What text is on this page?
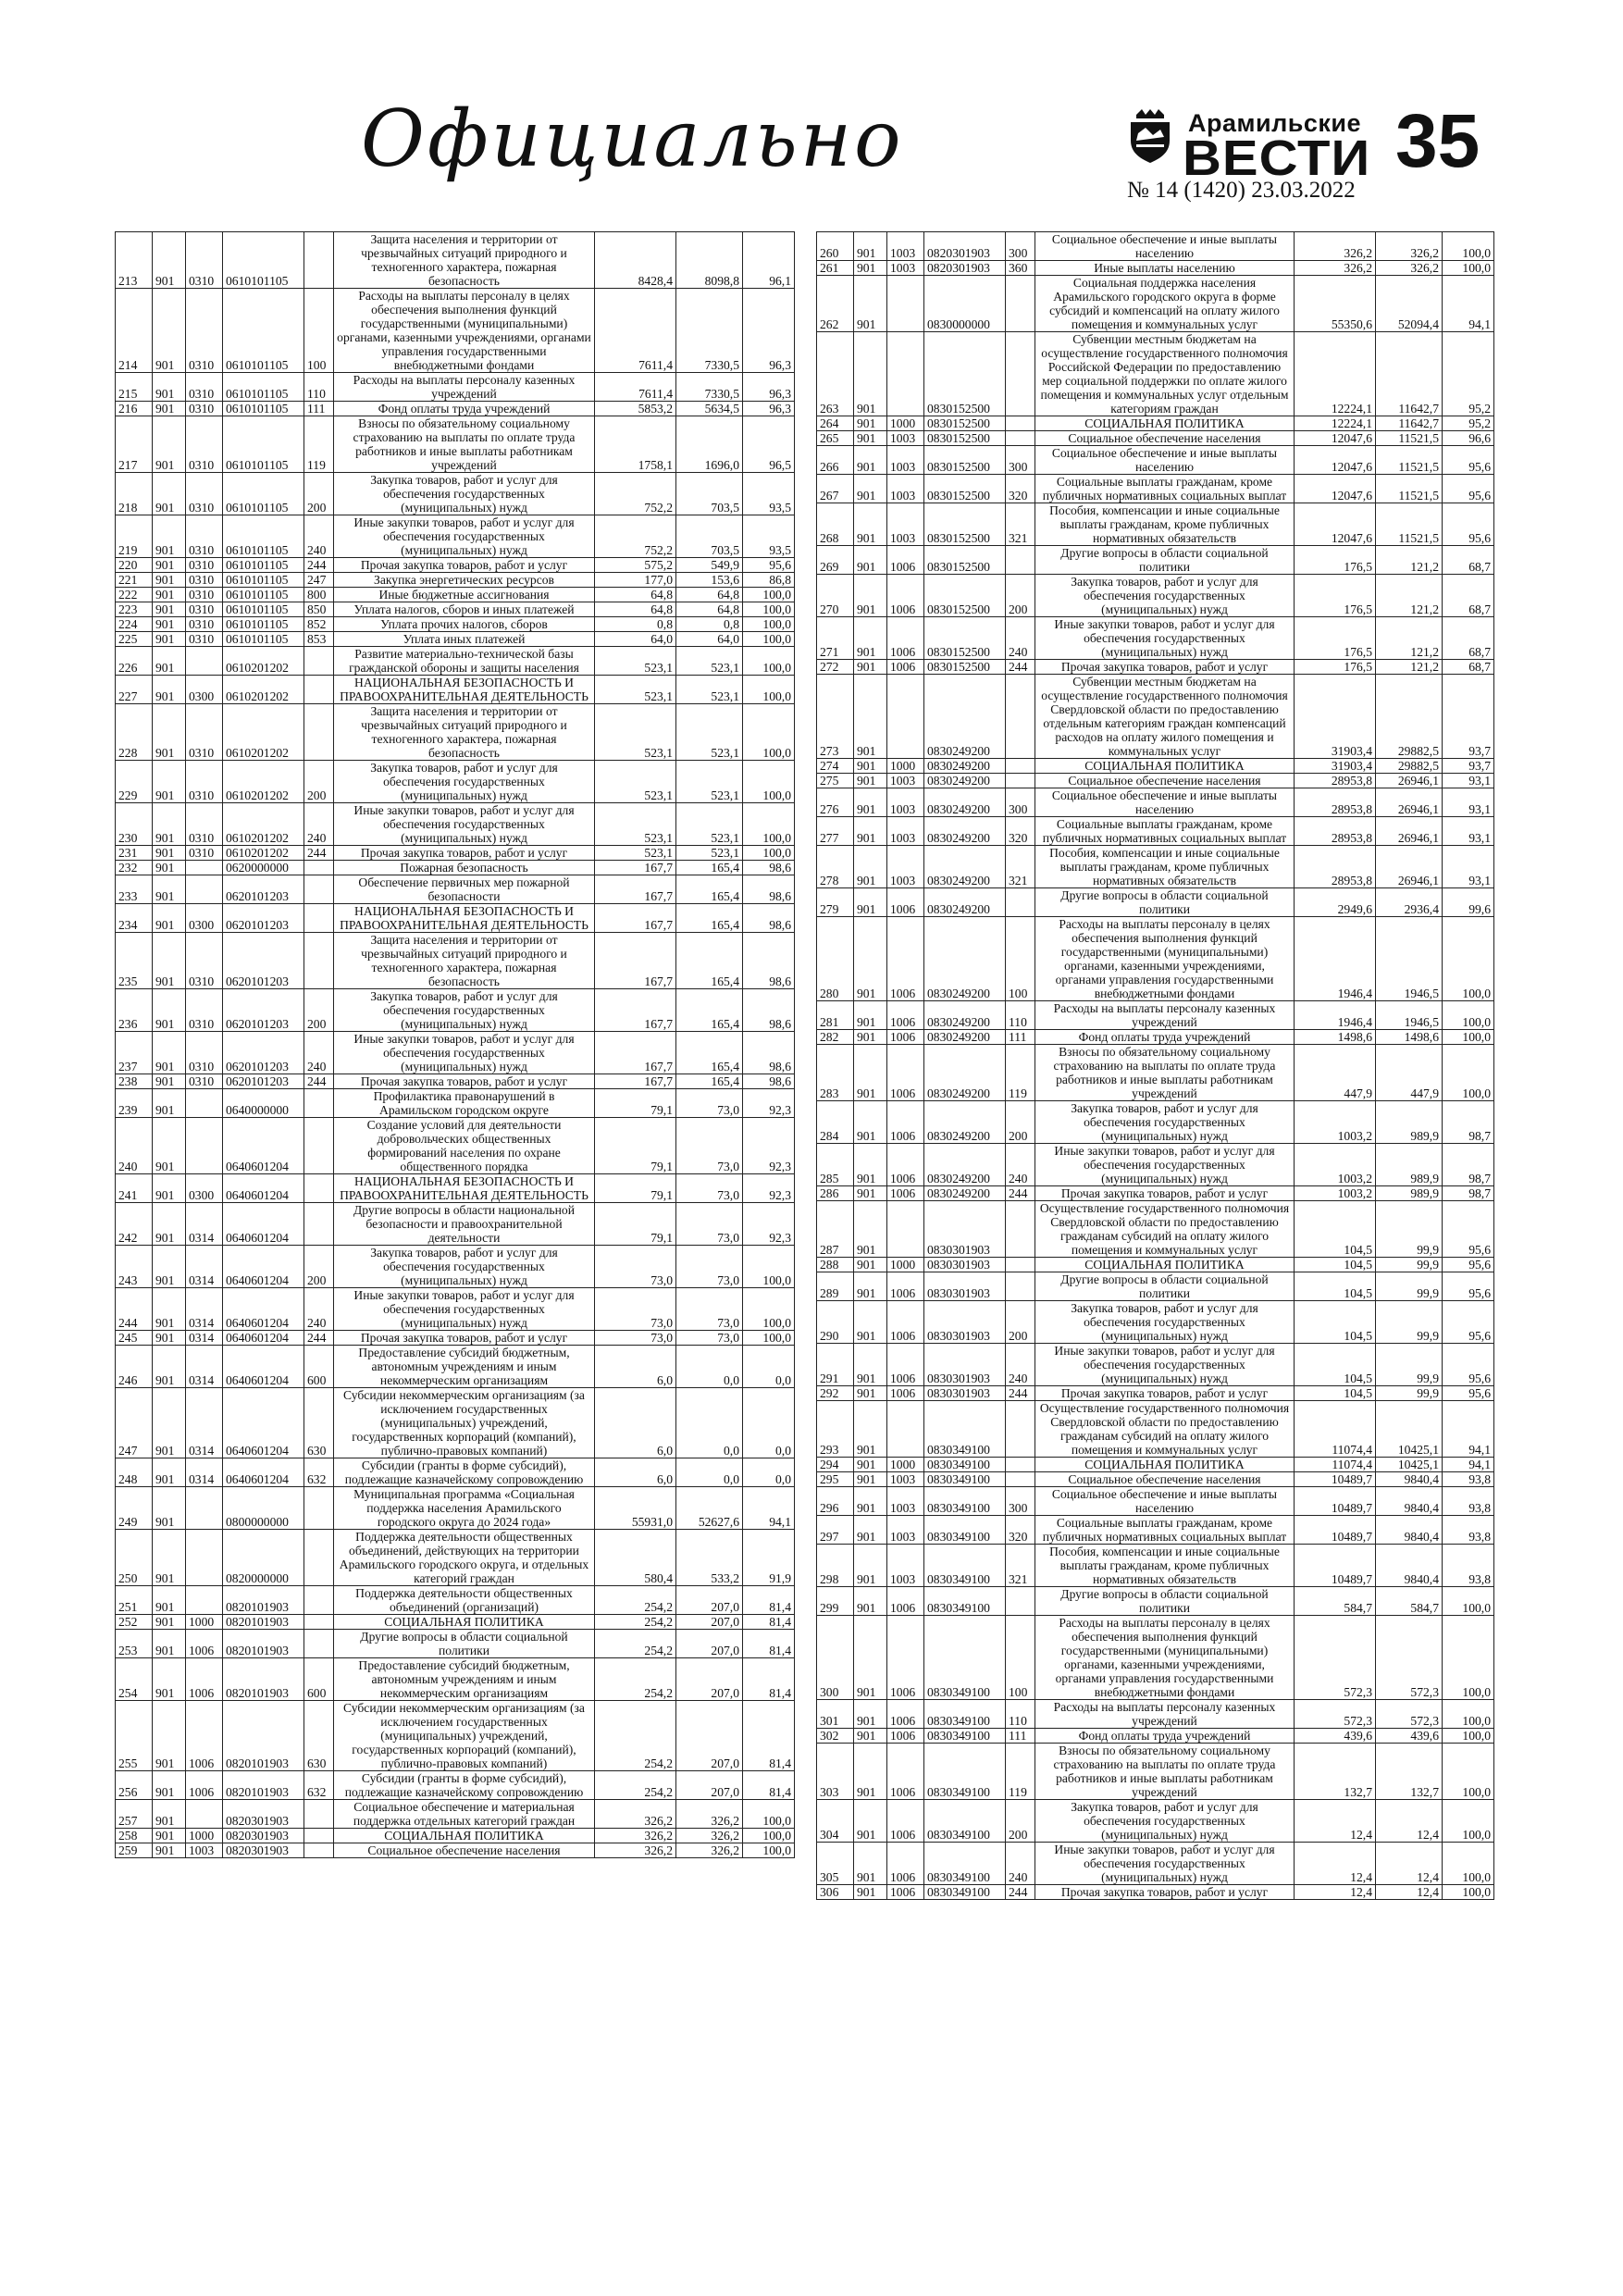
Официально	Арамильские
ВЕСТИ 35
№ 14 (1420) 23.03.2022
213	901	0310	0610101105		Защита населения и территории от чрезвычайных ситуаций природного и техногенного характера, пожарная безопасность	8428,4	8098,8	96,1
214	901	0310	0610101105	100	Расходы на выплаты персоналу в целях обеспечения выполнения функций государственными (муниципальными) органами, казенными учреждениями, органами управления государственными внебюджетными фондами	7611,4	7330,5	96,3
215	901	0310	0610101105	110	Расходы на выплаты персоналу казенных учреждений	7611,4	7330,5	96,3
216	901	0310	0610101105	111	Фонд оплаты труда учреждений	5853,2	5634,5	96,3
217	901	0310	0610101105	119	Взносы по обязательному социальному страхованию на выплаты по оплате труда работников и иные выплаты работникам учреждений	1758,1	1696,0	96,5
218	901	0310	0610101105	200	Закупка товаров, работ и услуг для обеспечения государственных (муниципальных) нужд	752,2	703,5	93,5
219	901	0310	0610101105	240	Иные закупки товаров, работ и услуг для обеспечения государственных (муниципальных) нужд	752,2	703,5	93,5
220	901	0310	0610101105	244	Прочая закупка товаров, работ и услуг	575,2	549,9	95,6
221	901	0310	0610101105	247	Закупка энергетических ресурсов	177,0	153,6	86,8
222	901	0310	0610101105	800	Иные бюджетные ассигнования	64,8	64,8	100,0
223	901	0310	0610101105	850	Уплата налогов, сборов и иных платежей	64,8	64,8	100,0
224	901	0310	0610101105	852	Уплата прочих налогов, сборов	0,8	0,8	100,0
225	901	0310	0610101105	853	Уплата иных платежей	64,0	64,0	100,0
226	901		0610201202		Развитие материально-технической базы гражданской обороны и защиты населения	523,1	523,1	100,0
227	901	0300	0610201202		НАЦИОНАЛЬНАЯ БЕЗОПАСНОСТЬ И ПРАВООХРАНИТЕЛЬНАЯ ДЕЯТЕЛЬНОСТЬ	523,1	523,1	100,0
228	901	0310	0610201202		Защита населения и территории от чрезвычайных ситуаций природного и техногенного характера, пожарная безопасность	523,1	523,1	100,0
229	901	0310	0610201202	200	Закупка товаров, работ и услуг для обеспечения государственных (муниципальных) нужд	523,1	523,1	100,0
230	901	0310	0610201202	240	Иные закупки товаров, работ и услуг для обеспечения государственных (муниципальных) нужд	523,1	523,1	100,0
231	901	0310	0610201202	244	Прочая закупка товаров, работ и услуг	523,1	523,1	100,0
232	901		0620000000		Пожарная безопасность	167,7	165,4	98,6
233	901		0620101203		Обеспечение первичных мер пожарной безопасности	167,7	165,4	98,6
234	901	0300	0620101203		НАЦИОНАЛЬНАЯ БЕЗОПАСНОСТЬ И ПРАВООХРАНИТЕЛЬНАЯ ДЕЯТЕЛЬНОСТЬ	167,7	165,4	98,6
235	901	0310	0620101203		Защита населения и территории от чрезвычайных ситуаций природного и техногенного характера, пожарная безопасность	167,7	165,4	98,6
236	901	0310	0620101203	200	Закупка товаров, работ и услуг для обеспечения государственных (муниципальных) нужд	167,7	165,4	98,6
237	901	0310	0620101203	240	Иные закупки товаров, работ и услуг для обеспечения государственных (муниципальных) нужд	167,7	165,4	98,6
238	901	0310	0620101203	244	Прочая закупка товаров, работ и услуг	167,7	165,4	98,6
239	901		0640000000		Профилактика правонарушений в Арамильском городском округе	79,1	73,0	92,3
240	901		0640601204		Создание условий для деятельности добровольческих общественных формирований населения по охране общественного порядка	79,1	73,0	92,3
241	901	0300	0640601204		НАЦИОНАЛЬНАЯ БЕЗОПАСНОСТЬ И ПРАВООХРАНИТЕЛЬНАЯ ДЕЯТЕЛЬНОСТЬ	79,1	73,0	92,3
242	901	0314	0640601204		Другие вопросы в области национальной безопасности и правоохранительной деятельности	79,1	73,0	92,3
243	901	0314	0640601204	200	Закупка товаров, работ и услуг для обеспечения государственных (муниципальных) нужд	73,0	73,0	100,0
244	901	0314	0640601204	240	Иные закупки товаров, работ и услуг для обеспечения государственных (муниципальных) нужд	73,0	73,0	100,0
245	901	0314	0640601204	244	Прочая закупка товаров, работ и услуг	73,0	73,0	100,0
246	901	0314	0640601204	600	Предоставление субсидий бюджетным, автономным учреждениям и иным некоммерческим организациям	6,0	0,0	0,0
247	901	0314	0640601204	630	Субсидии некоммерческим организациям (за исключением государственных (муниципальных) учреждений, государственных корпораций (компаний), публично-правовых компаний)	6,0	0,0	0,0
248	901	0314	0640601204	632	Субсидии (гранты в форме субсидий), подлежащие казначейскому сопровождению	6,0	0,0	0,0
249	901		0800000000		Муниципальная программа «Социальная поддержка населения Арамильского городского округа до 2024 года»	55931,0	52627,6	94,1
250	901		0820000000		Поддержка деятельности общественных объединений, действующих на территории Арамильского городского округа, и отдельных категорий граждан	580,4	533,2	91,9
251	901		0820101903		Поддержка деятельности общественных объединений (организаций)	254,2	207,0	81,4
252	901	1000	0820101903		СОЦИАЛЬНАЯ ПОЛИТИКА	254,2	207,0	81,4
253	901	1006	0820101903		Другие вопросы в области социальной политики	254,2	207,0	81,4
254	901	1006	0820101903	600	Предоставление субсидий бюджетным, автономным учреждениям и иным некоммерческим организациям	254,2	207,0	81,4
255	901	1006	0820101903	630	Субсидии некоммерческим организациям (за исключением государственных (муниципальных) учреждений, государственных корпораций (компаний), публично-правовых компаний)	254,2	207,0	81,4
256	901	1006	0820101903	632	Субсидии (гранты в форме субсидий), подлежащие казначейскому сопровождению	254,2	207,0	81,4
257	901		0820301903		Социальное обеспечение и материальная поддержка отдельных категорий граждан	326,2	326,2	100,0
258	901	1000	0820301903		СОЦИАЛЬНАЯ ПОЛИТИКА	326,2	326,2	100,0
259	901	1003	0820301903		Социальное обеспечение населения	326,2	326,2	100,0
260	901	1003	0820301903	300	Социальное обеспечение и иные выплаты населению	326,2	326,2	100,0
261	901	1003	0820301903	360	Иные выплаты населению	326,2	326,2	100,0
262	901		0830000000		Социальная поддержка населения Арамильского городского округа в форме субсидий и компенсаций на оплату жилого помещения и коммунальных услуг	55350,6	52094,4	94,1
263	901		0830152500		Субвенции местным бюджетам на осуществление государственного полномочия Российской Федерации по предоставлению мер социальной поддержки по оплате жилого помещения и коммунальных услуг отдельным категориям граждан	12224,1	11642,7	95,2
264	901	1000	0830152500		СОЦИАЛЬНАЯ ПОЛИТИКА	12224,1	11642,7	95,2
265	901	1003	0830152500		Социальное обеспечение населения	12047,6	11521,5	96,6
266	901	1003	0830152500	300	Социальное обеспечение и иные выплаты населению	12047,6	11521,5	95,6
267	901	1003	0830152500	320	Социальные выплаты гражданам, кроме публичных нормативных социальных выплат	12047,6	11521,5	95,6
268	901	1003	0830152500	321	Пособия, компенсации и иные социальные выплаты гражданам, кроме публичных нормативных обязательств	12047,6	11521,5	95,6
269	901	1006	0830152500		Другие вопросы в области социальной политики	176,5	121,2	68,7
270	901	1006	0830152500	200	Закупка товаров, работ и услуг для обеспечения государственных (муниципальных) нужд	176,5	121,2	68,7
271	901	1006	0830152500	240	Иные закупки товаров, работ и услуг для обеспечения государственных (муниципальных) нужд	176,5	121,2	68,7
272	901	1006	0830152500	244	Прочая закупка товаров, работ и услуг	176,5	121,2	68,7
273	901		0830249200		Субвенции местным бюджетам на осуществление государственного полномочия Свердловской области по предоставлению отдельным категориям граждан компенсаций расходов на оплату жилого помещения и коммунальных услуг	31903,4	29882,5	93,7
274	901	1000	0830249200		СОЦИАЛЬНАЯ ПОЛИТИКА	31903,4	29882,5	93,7
275	901	1003	0830249200		Социальное обеспечение населения	28953,8	26946,1	93,1
276	901	1003	0830249200	300	Социальное обеспечение и иные выплаты населению	28953,8	26946,1	93,1
277	901	1003	0830249200	320	Социальные выплаты гражданам, кроме публичных нормативных социальных выплат	28953,8	26946,1	93,1
278	901	1003	0830249200	321	Пособия, компенсации и иные социальные выплаты гражданам, кроме публичных нормативных обязательств	28953,8	26946,1	93,1
279	901	1006	0830249200		Другие вопросы в области социальной политики	2949,6	2936,4	99,6
280	901	1006	0830249200	100	Расходы на выплаты персоналу в целях обеспечения выполнения функций государственными (муниципальными) органами, казенными учреждениями, органами управления государственными внебюджетными фондами	1946,4	1946,5	100,0
281	901	1006	0830249200	110	Расходы на выплаты персоналу казенных учреждений	1946,4	1946,5	100,0
282	901	1006	0830249200	111	Фонд оплаты труда учреждений	1498,6	1498,6	100,0
283	901	1006	0830249200	119	Взносы по обязательному социальному страхованию на выплаты по оплате труда работников и иные выплаты работникам учреждений	447,9	447,9	100,0
284	901	1006	0830249200	200	Закупка товаров, работ и услуг для обеспечения государственных (муниципальных) нужд	1003,2	989,9	98,7
285	901	1006	0830249200	240	Иные закупки товаров, работ и услуг для обеспечения государственных (муниципальных) нужд	1003,2	989,9	98,7
286	901	1006	0830249200	244	Прочая закупка товаров, работ и услуг	1003,2	989,9	98,7
287	901		0830301903		Осуществление государственного полномочия Свердловской области по предоставлению гражданам субсидий на оплату жилого помещения и коммунальных услуг	104,5	99,9	95,6
288	901	1000	0830301903		СОЦИАЛЬНАЯ ПОЛИТИКА	104,5	99,9	95,6
289	901	1006	0830301903		Другие вопросы в области социальной политики	104,5	99,9	95,6
290	901	1006	0830301903	200	Закупка товаров, работ и услуг для обеспечения государственных (муниципальных) нужд	104,5	99,9	95,6
291	901	1006	0830301903	240	Иные закупки товаров, работ и услуг для обеспечения государственных (муниципальных) нужд	104,5	99,9	95,6
292	901	1006	0830301903	244	Прочая закупка товаров, работ и услуг	104,5	99,9	95,6
293	901		0830349100		Осуществление государственного полномочия Свердловской области по предоставлению гражданам субсидий на оплату жилого помещения и коммунальных услуг	11074,4	10425,1	94,1
294	901	1000	0830349100		СОЦИАЛЬНАЯ ПОЛИТИКА	11074,4	10425,1	94,1
295	901	1003	0830349100		Социальное обеспечение населения	10489,7	9840,4	93,8
296	901	1003	0830349100	300	Социальное обеспечение и иные выплаты населению	10489,7	9840,4	93,8
297	901	1003	0830349100	320	Социальные выплаты гражданам, кроме публичных нормативных социальных выплат	10489,7	9840,4	93,8
298	901	1003	0830349100	321	Пособия, компенсации и иные социальные выплаты гражданам, кроме публичных нормативных обязательств	10489,7	9840,4	93,8
299	901	1006	0830349100		Другие вопросы в области социальной политики	584,7	584,7	100,0
300	901	1006	0830349100	100	Расходы на выплаты персоналу в целях обеспечения выполнения функций государственными (муниципальными) органами, казенными учреждениями, органами управления государственными внебюджетными фондами	572,3	572,3	100,0
301	901	1006	0830349100	110	Расходы на выплаты персоналу казенных учреждений	572,3	572,3	100,0
302	901	1006	0830349100	111	Фонд оплаты труда учреждений	439,6	439,6	100,0
303	901	1006	0830349100	119	Взносы по обязательному социальному страхованию на выплаты по оплате труда работников и иные выплаты работникам учреждений	132,7	132,7	100,0
304	901	1006	0830349100	200	Закупка товаров, работ и услуг для обеспечения государственных (муниципальных) нужд	12,4	12,4	100,0
305	901	1006	0830349100	240	Иные закупки товаров, работ и услуг для обеспечения государственных (муниципальных) нужд	12,4	12,4	100,0
306	901	1006	0830349100	244	Прочая закупка товаров, работ и услуг	12,4	12,4	100,0
